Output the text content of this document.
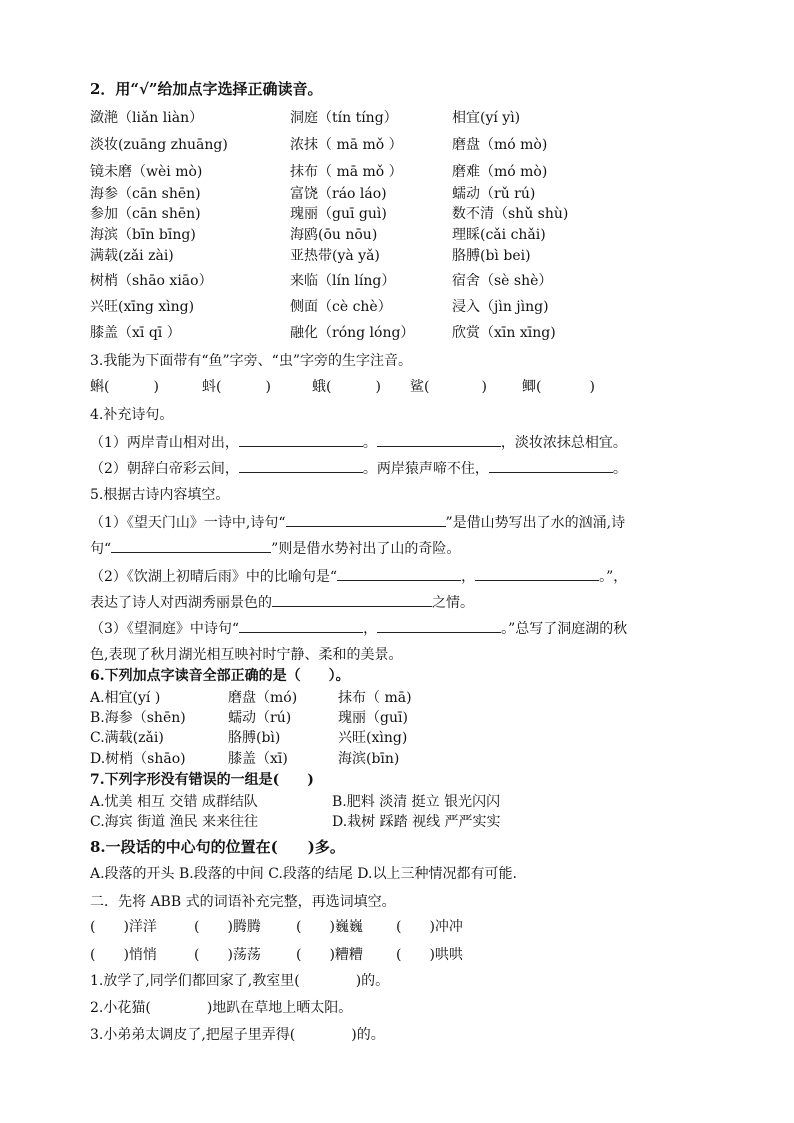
2．用“√”给加点字选择正确读音。
潋滟（liǎn liàn）	洞庭（tín tíng）	相宜(yí yì)
淡妆(zuāng zhuāng)	浓抹（ mā mǒ ）	磨盘（mó mò)
镜未磨（wèi mò)	抹布（ mā mǒ ）	磨难（mó mò)
海参（cān shēn)	富饶（ráo láo)	蠕动（rǔ rú)
参加（cān shēn)	瑰丽（guī guì)	数不清（shǔ shù)
海滨（bīn bīng)	海鸥(ōu nōu)	理睬(cǎi chǎi)
满载(zǎi zài)	亚热带(yà yǎ)	胳膊(bì bei)
树梢（shāo xiāo）	来临（lín líng）	宿舍（sè shè）
兴旺(xīng xìng)	侧面（cè chè）	浸入（jìn jìng)
膝盖（xī qī ）	融化（róng lóng）	欣赏（xīn xīng)
3.我能为下面带有“鱼”字旁、“虫”字旁的生字注音。
蝌(	)	蚪(	)	蛾(	) 鲨(	)	鲫(	)
4.补充诗句。
（1）两岸青山相对出，	。	，淡妆浓抹总相宜。
（2）朝辞白帝彩云间，	。两岸猿声啼不住，	。
5.根据古诗内容填空。
（1）《望天门山》一诗中,诗句“	”是借山势写出了水的汹涌,诗
句“	”则是借水势衬出了山的奇险。
（2）《饮湖上初晴后雨》中的比喻句是“	，	。”，
表达了诗人对西湖秀丽景色的	之情。
（3）《望洞庭》中诗句“	，	。”总写了洞庭湖的秋
色,表现了秋月湖光相互映衬时宁静、柔和的美景。
6.下列加点字读音全部正确的是（　　）。
A.相宜(yí )	磨盘（mó)	抹布（ mā)
B.海参（shēn)	蠕动（rú)	瑰丽（guī)
C.满载(zǎi)	胳膊(bì)	兴旺(xìng)
D.树梢（shāo)	膝盖（xī)	海滨(bīn)
7.下列字形没有错误的一组是(　　)
A.忧美 相互 交错 成群结队	B.肥料 淡清 挺立 银光闪闪
C.海宾 街道 渔民 来来往往	D.栽树 踩踏 视线 严严实实
8.一段话的中心句的位置在(　　)多。
A.段落的开头 B.段落的中间 C.段落的结尾 D.以上三种情况都有可能.
二．先将 ABB 式的词语补充完整，再选词填空。
(　　)洋洋	(　　)腾腾	(　　)巍巍 (　　)冲冲
(　　)悄悄	(　　)荡荡	(　　)糟糟 (　　)哄哄
1.放学了,同学们都回家了,教室里(　　　　)的。
2.小花猫(　　　　)地趴在草地上晒太阳。
3.小弟弟太调皮了,把屋子里弄得(　　　　)的。
